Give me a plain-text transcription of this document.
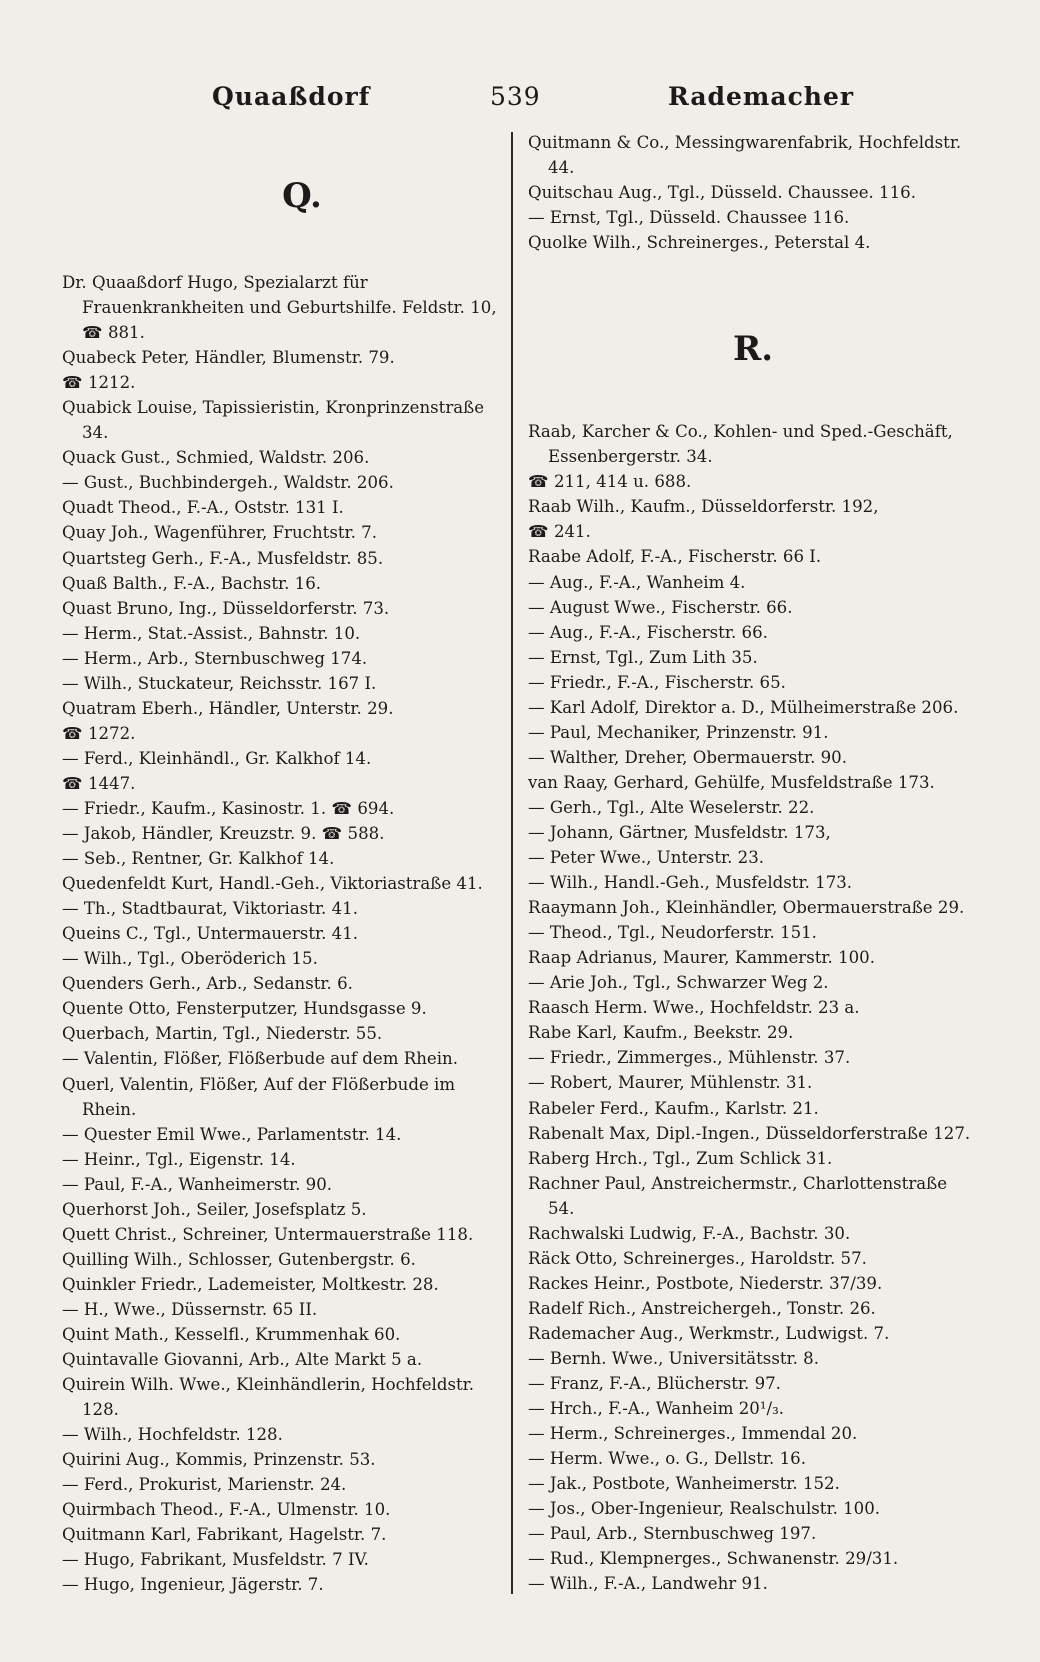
Quaaßdorf	539	Rademacher
Q.
Dr. Quaaßdorf Hugo, Spezialarzt für Frauenkrankheiten und Geburtshilfe. Feldstr. 10, ☎ 881.
Quabeck Peter, Händler, Blumenstr. 79.
☎ 1212.
Quabick Louise, Tapissieristin, Kronprinzenstraße 34.
Quack Gust., Schmied, Waldstr. 206.
— Gust., Buchbindergeh., Waldstr. 206.
Quadt Theod., F.-A., Oststr. 131 I.
Quay Joh., Wagenführer, Fruchtstr. 7.
Quartsteg Gerh., F.-A., Musfeldstr. 85.
Quaß Balth., F.-A., Bachstr. 16.
Quast Bruno, Ing., Düsseldorferstr. 73.
— Herm., Stat.-Assist., Bahnstr. 10.
— Herm., Arb., Sternbuschweg 174.
— Wilh., Stuckateur, Reichsstr. 167 I.
Quatram Eberh., Händler, Unterstr. 29.
☎ 1272.
— Ferd., Kleinhändl., Gr. Kalkhof 14.
☎ 1447.
— Friedr., Kaufm., Kasinostr. 1. ☎ 694.
— Jakob, Händler, Kreuzstr. 9. ☎ 588.
— Seb., Rentner, Gr. Kalkhof 14.
Quedenfeldt Kurt, Handl.-Geh., Viktoriastraße 41.
— Th., Stadtbaurat, Viktoriastr. 41.
Queins C., Tgl., Untermauerstr. 41.
— Wilh., Tgl., Oberöderich 15.
Quenders Gerh., Arb., Sedanstr. 6.
Quente Otto, Fensterputzer, Hundsgasse 9.
Querbach, Martin, Tgl., Niederstr. 55.
— Valentin, Flößer, Flößerbude auf dem Rhein.
Querl, Valentin, Flößer, Auf der Flößerbude im Rhein.
— Quester Emil Wwe., Parlamentstr. 14.
— Heinr., Tgl., Eigenstr. 14.
— Paul, F.-A., Wanheimerstr. 90.
Querhorst Joh., Seiler, Josefsplatz 5.
Quett Christ., Schreiner, Untermauerstraße 118.
Quilling Wilh., Schlosser, Gutenbergstr. 6.
Quinkler Friedr., Lademeister, Moltkestr. 28.
— H., Wwe., Düssernstr. 65 II.
Quint Math., Kesselfl., Krummenhak 60.
Quintavalle Giovanni, Arb., Alte Markt 5 a.
Quirein Wilh. Wwe., Kleinhändlerin, Hochfeldstr. 128.
— Wilh., Hochfeldstr. 128.
Quirini Aug., Kommis, Prinzenstr. 53.
— Ferd., Prokurist, Marienstr. 24.
Quirmbach Theod., F.-A., Ulmenstr. 10.
Quitmann Karl, Fabrikant, Hagelstr. 7.
— Hugo, Fabrikant, Musfeldstr. 7 IV.
— Hugo, Ingenieur, Jägerstr. 7.
Quitmann & Co., Messingwarenfabrik, Hochfeldstr. 44.
Quitschau Aug., Tgl., Düsseld. Chaussee. 116.
— Ernst, Tgl., Düsseld. Chaussee 116.
Quolke Wilh., Schreinerges., Peterstal 4.
R.
Raab, Karcher & Co., Kohlen- und Sped.-Geschäft, Essenbergerstr. 34.
☎ 211, 414 u. 688.
Raab Wilh., Kaufm., Düsseldorferstr. 192,
☎ 241.
Raabe Adolf, F.-A., Fischerstr. 66 I.
— Aug., F.-A., Wanheim 4.
— August Wwe., Fischerstr. 66.
— Aug., F.-A., Fischerstr. 66.
— Ernst, Tgl., Zum Lith 35.
— Friedr., F.-A., Fischerstr. 65.
— Karl Adolf, Direktor a. D., Mülheimerstraße 206.
— Paul, Mechaniker, Prinzenstr. 91.
— Walther, Dreher, Obermauerstr. 90.
van Raay, Gerhard, Gehülfe, Musfeldstraße 173.
— Gerh., Tgl., Alte Weselerstr. 22.
— Johann, Gärtner, Musfeldstr. 173,
— Peter Wwe., Unterstr. 23.
— Wilh., Handl.-Geh., Musfeldstr. 173.
Raaymann Joh., Kleinhändler, Obermauerstraße 29.
— Theod., Tgl., Neudorferstr. 151.
Raap Adrianus, Maurer, Kammerstr. 100.
— Arie Joh., Tgl., Schwarzer Weg 2.
Raasch Herm. Wwe., Hochfeldstr. 23 a.
Rabe Karl, Kaufm., Beekstr. 29.
— Friedr., Zimmerges., Mühlenstr. 37.
— Robert, Maurer, Mühlenstr. 31.
Rabeler Ferd., Kaufm., Karlstr. 21.
Rabenalt Max, Dipl.-Ingen., Düsseldorferstraße 127.
Raberg Hrch., Tgl., Zum Schlick 31.
Rachner Paul, Anstreichermstr., Charlottenstraße 54.
Rachwalski Ludwig, F.-A., Bachstr. 30.
Räck Otto, Schreinerges., Haroldstr. 57.
Rackes Heinr., Postbote, Niederstr. 37/39.
Radelf Rich., Anstreichergeh., Tonstr. 26.
Rademacher Aug., Werkmstr., Ludwigst. 7.
— Bernh. Wwe., Universitätsstr. 8.
— Franz, F.-A., Blücherstr. 97.
— Hrch., F.-A., Wanheim 20¹/₃.
— Herm., Schreinerges., Immendal 20.
— Herm. Wwe., o. G., Dellstr. 16.
— Jak., Postbote, Wanheimerstr. 152.
— Jos., Ober-Ingenieur, Realschulstr. 100.
— Paul, Arb., Sternbuschweg 197.
— Rud., Klempnerges., Schwanenstr. 29/31.
— Wilh., F.-A., Landwehr 91.
